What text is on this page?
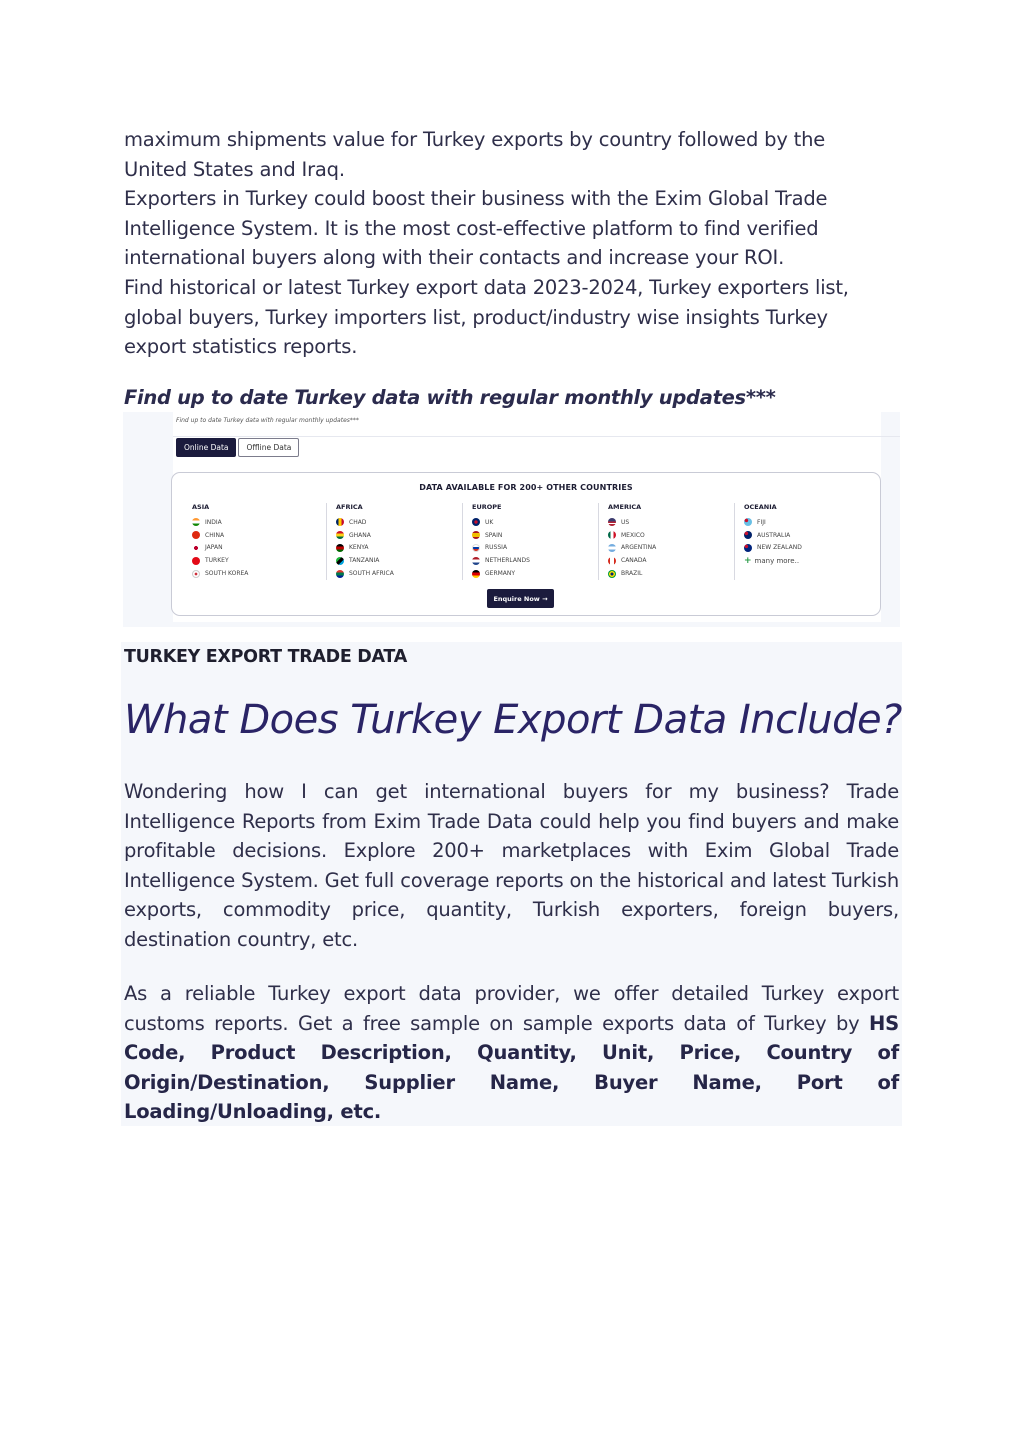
maximum shipments value for Turkey exports by country followed by the United States and Iraq.

Exporters in Turkey could boost their business with the Exim Global Trade Intelligence System. It is the most cost-effective platform to find verified international buyers along with their contacts and increase your ROI.

Find historical or latest Turkey export data 2023-2024, Turkey exporters list, global buyers, Turkey importers list, product/industry wise insights Turkey export statistics reports.

Find up to date Turkey data with regular monthly updates***
Find up to date Turkey data with regular monthly updates***
Online Data	Offline Data
DATA AVAILABLE FOR 200+ OTHER COUNTRIES
ASIA
INDIA
CHINA
JAPAN
TURKEY
SOUTH KOREA
AFRICA
CHAD
GHANA
KENYA
TANZANIA
SOUTH AFRICA
EUROPE
UK
SPAIN
RUSSIA
NETHERLANDS
GERMANY
AMERICA
US
MEXICO
ARGENTINA
CANADA
BRAZIL
OCEANIA
FIJI
AUSTRALIA
NEW ZEALAND
+ many more..
Enquire Now →
TURKEY EXPORT TRADE DATA
What Does Turkey Export Data Include?
Wondering how I can get international buyers for my business? Trade Intelligence Reports from Exim Trade Data could help you find buyers and make profitable decisions. Explore 200+ marketplaces with Exim Global Trade Intelligence System. Get full coverage reports on the historical and latest Turkish exports, commodity price, quantity, Turkish exporters, foreign buyers, destination country, etc.
As a reliable Turkey export data provider, we offer detailed Turkey export customs reports. Get a free sample on sample exports data of Turkey by HS Code, Product Description, Quantity, Unit, Price, Country of Origin/Destination, Supplier Name, Buyer Name, Port of Loading/Unloading, etc.
